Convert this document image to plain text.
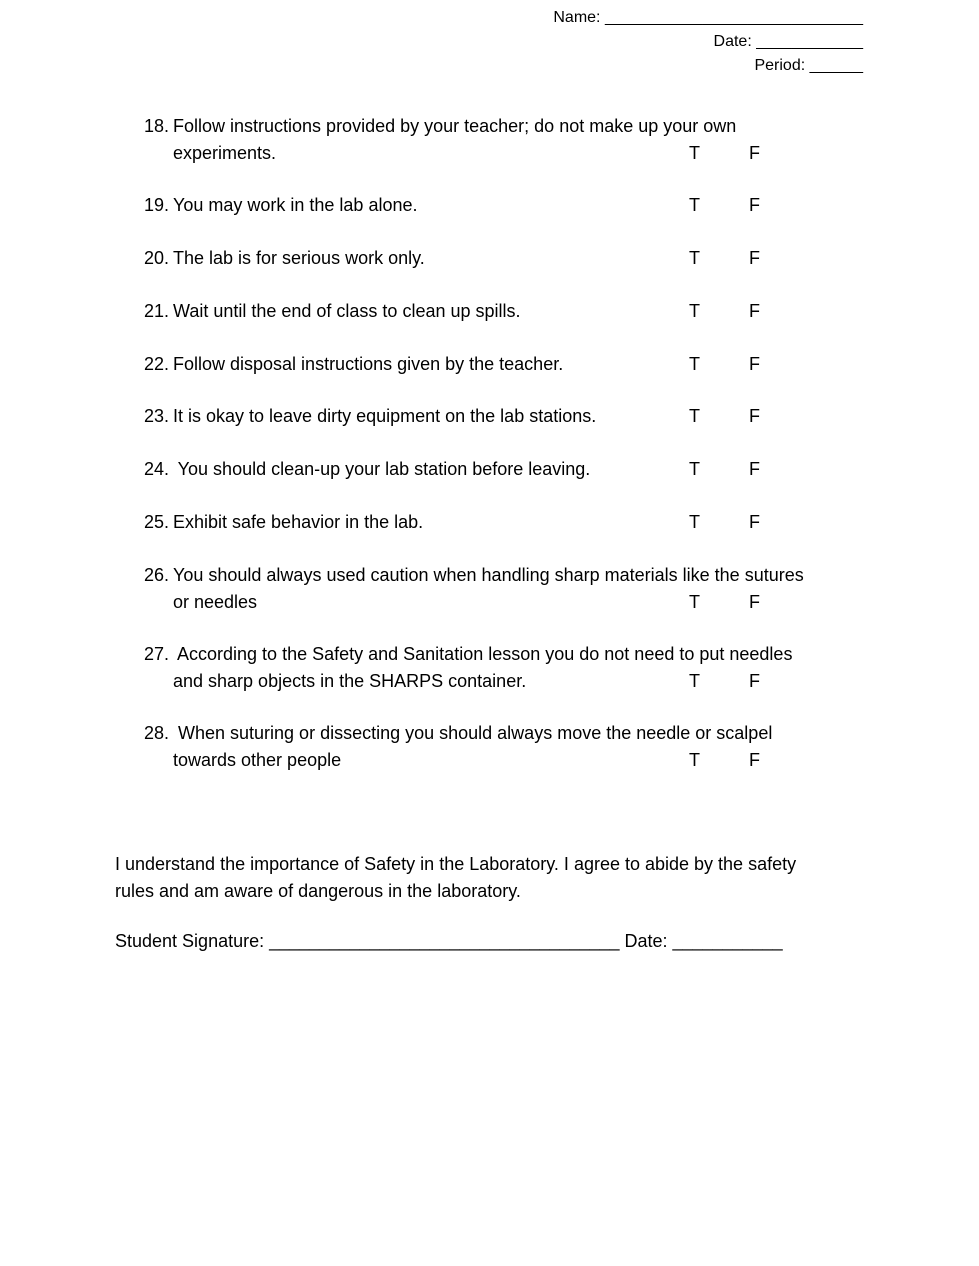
Name: _____________________________
Date: ____________
Period: ______
18. Follow instructions provided by your teacher; do not make up your own
experiments.	T	F
19. You may work in the lab alone.	T	F
20. The lab is for serious work only.	T	F
21. Wait until the end of class to clean up spills.	T	F
22. Follow disposal instructions given by the teacher.	T	F
23. It is okay to leave dirty equipment on the lab stations.	T	F
24. You should clean-up your lab station before leaving.	T	F
25. Exhibit safe behavior in the lab.	T	F
26. You should always used caution when handling sharp materials like the sutures
or needles	T	F
27. According to the Safety and Sanitation lesson you do not need to put needles
and sharp objects in the SHARPS container.	T	F
28. When suturing or dissecting you should always move the needle or scalpel
towards other people	T	F
I understand the importance of Safety in the Laboratory. I agree to abide by the safety
rules and am aware of dangerous in the laboratory.
Student Signature: ___________________________________ Date: ___________
